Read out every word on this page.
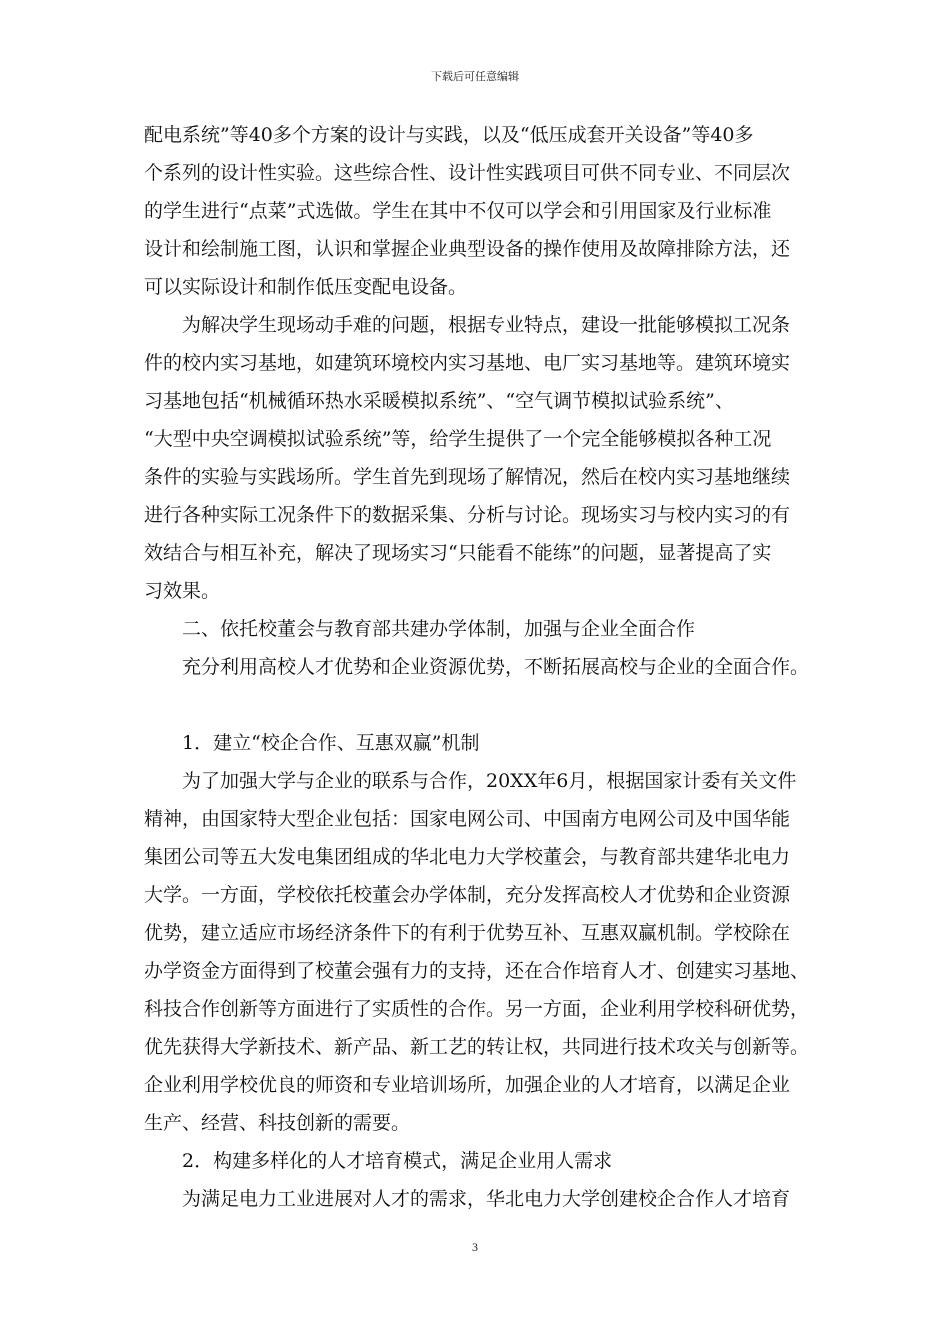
下载后可任意编辑
配电系统”等40多个方案的设计与实践，以及“低压成套开关设备”等40多
个系列的设计性实验。这些综合性、设计性实践项目可供不同专业、不同层次
的学生进行“点菜”式选做。学生在其中不仅可以学会和引用国家及行业标准
设计和绘制施工图，认识和掌握企业典型设备的操作使用及故障排除方法，还
可以实际设计和制作低压变配电设备。
　　为解决学生现场动手难的问题，根据专业特点，建设一批能够模拟工况条
件的校内实习基地，如建筑环境校内实习基地、电厂实习基地等。建筑环境实
习基地包括“机械循环热水采暖模拟系统”、“空气调节模拟试验系统”、
“大型中央空调模拟试验系统”等，给学生提供了一个完全能够模拟各种工况
条件的实验与实践场所。学生首先到现场了解情况，然后在校内实习基地继续
进行各种实际工况条件下的数据采集、分析与讨论。现场实习与校内实习的有
效结合与相互补充，解决了现场实习“只能看不能练”的问题，显著提高了实
习效果。
　　二、依托校董会与教育部共建办学体制，加强与企业全面合作
　　充分利用高校人才优势和企业资源优势，不断拓展高校与企业的全面合作。
　　1．建立“校企合作、互惠双赢”机制
　　为了加强大学与企业的联系与合作，20XX年6月，根据国家计委有关文件
精神，由国家特大型企业包括：国家电网公司、中国南方电网公司及中国华能
集团公司等五大发电集团组成的华北电力大学校董会，与教育部共建华北电力
大学。一方面，学校依托校董会办学体制，充分发挥高校人才优势和企业资源
优势，建立适应市场经济条件下的有利于优势互补、互惠双赢机制。学校除在
办学资金方面得到了校董会强有力的支持，还在合作培育人才、创建实习基地、
科技合作创新等方面进行了实质性的合作。另一方面，企业利用学校科研优势，
优先获得大学新技术、新产品、新工艺的转让权，共同进行技术攻关与创新等。
企业利用学校优良的师资和专业培训场所，加强企业的人才培育，以满足企业
生产、经营、科技创新的需要。
　　2．构建多样化的人才培育模式，满足企业用人需求
　　为满足电力工业进展对人才的需求，华北电力大学创建校企合作人才培育
3
